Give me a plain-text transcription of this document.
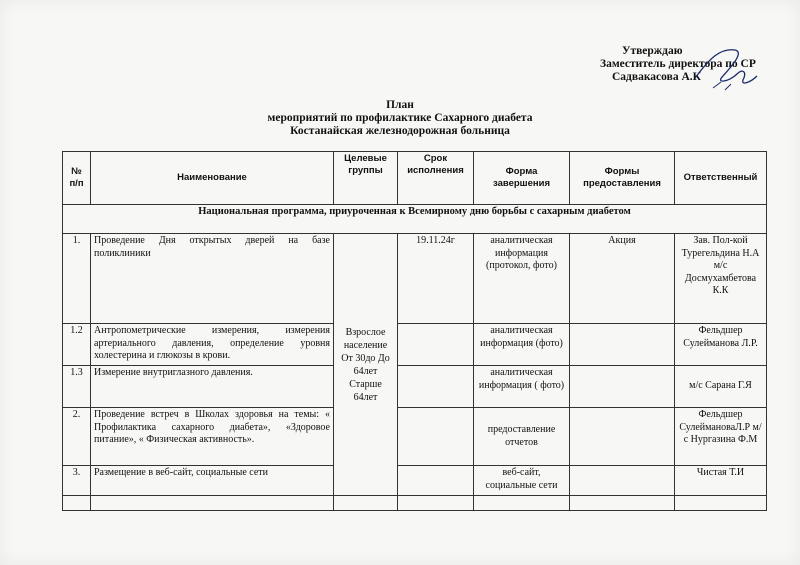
Утверждаю
Заместитель директора по СР
Садвакасова А.К
План
мероприятий по профилактике Сахарного диабета
Костанайская железнодорожная больница
№ п/п	Наименование	Целевые группы	Срок исполнения	Форма завершения	Формы предоставления	Ответственный
Национальная программа, приуроченная к Всемирному дню борьбы с сахарным диабетом						
1.	Проведение Дня открытых дверей на базе поликлиники	Взрослое население От 30до До 64лет Старше 64лет	19.11.24г	аналитическая информация (протокол, фото)	Акция	Зав. Пол-кой Турегельдина Н.А м/с Досмухамбетова К.К
1.2	Антропометрические измерения, измерения артериального давления, определение уровня холестерина и глюкозы в крови.			аналитическая информация (фото)		Фельдшер Сулейманова Л.Р.
1.3	Измерение внутриглазного давления.			аналитическая информация ( фото)		м/с Сарана Г.Я
2.	Проведение встреч в Школах здоровья на темы: « Профилактика сахарного диабета», «Здоровое питание», « Физическая активность».			предоставление отчетов		Фельдшер СулеймановаЛ.Р м/с Нургазина Ф.М
3.	Размещение в веб-сайт, социальные сети			веб-сайт, социальные сети		Чистая Т.И
